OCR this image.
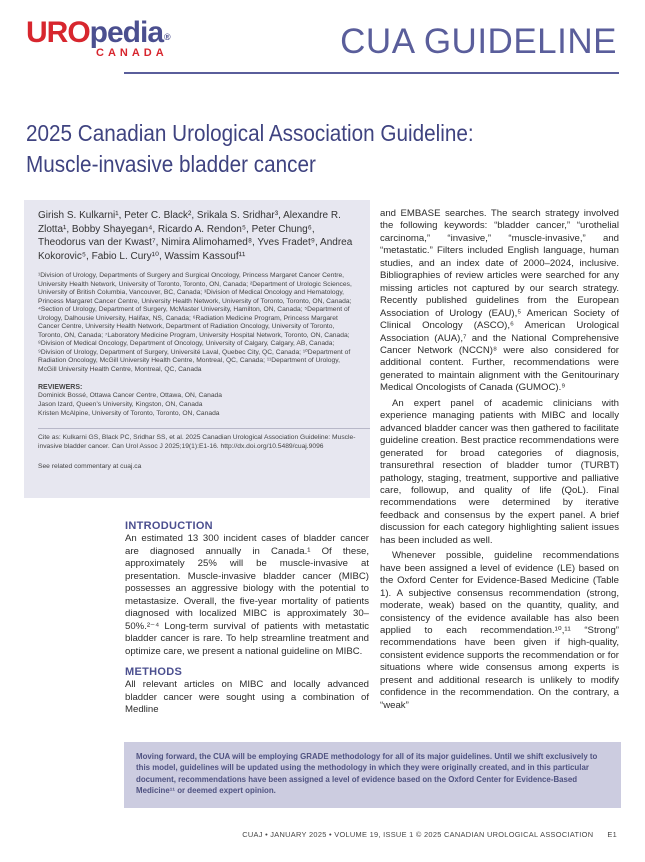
UROpedia®
CANADA	CUA GUIDELINE
2025 Canadian Urological Association Guideline:
Muscle-invasive bladder cancer
Girish S. Kulkarni¹, Peter C. Black², Srikala S. Sridhar³, Alexandre R. Zlotta¹, Bobby Shayegan⁴, Ricardo A. Rendon⁵, Peter Chung⁶, Theodorus van der Kwast⁷, Nimira Alimohamed⁸, Yves Fradet⁹, Andrea Kokorovic⁵, Fabio L. Cury¹⁰, Wassim Kassouf¹¹
¹Division of Urology, Departments of Surgery and Surgical Oncology, Princess Margaret Cancer Centre, University Health Network, University of Toronto, Toronto, ON, Canada; ²Department of Urologic Sciences, University of British Columbia, Vancouver, BC, Canada; ³Division of Medical Oncology and Hematology, Princess Margaret Cancer Centre, University Health Network, University of Toronto, Toronto, ON, Canada; ⁴Section of Urology, Department of Surgery, McMaster University, Hamilton, ON, Canada; ⁵Department of Urology, Dalhousie University, Halifax, NS, Canada; ⁶Radiation Medicine Program, Princess Margaret Cancer Centre, University Health Network, Department of Radiation Oncology, University of Toronto, Toronto, ON, Canada; ⁷Laboratory Medicine Program, University Hospital Network, Toronto, ON, Canada; ⁸Division of Medical Oncology, Department of Oncology, University of Calgary, Calgary, AB, Canada; ⁹Division of Urology, Department of Surgery, Université Laval, Quebec City, QC, Canada; ¹⁰Department of Radiation Oncology, McGill University Health Centre, Montreal, QC, Canada; ¹¹Department of Urology, McGill University Health Centre, Montreal, QC, Canada
REVIEWERS:
Dominick Bossé, Ottawa Cancer Centre, Ottawa, ON, Canada
Jason Izard, Queen’s University, Kingston, ON, Canada
Kristen McAlpine, University of Toronto, Toronto, ON, Canada
Cite as: Kulkarni GS, Black PC, Sridhar SS, et al. 2025 Canadian Urological Association Guideline: Muscle-invasive bladder cancer. Can Urol Assoc J 2025;19(1):E1-16. http://dx.doi.org/10.5489/cuaj.9096
See related commentary at cuaj.ca

and EMBASE searches. The search strategy involved the following keywords: “bladder cancer,” “urothelial carcinoma,” “invasive,” “muscle-invasive,” and “metastatic.” Filters included English language, human studies, and an index date of 2000–2024, inclusive. Bibliographies of review articles were searched for any missing articles not captured by our search strategy. Recently published guidelines from the European Association of Urology (EAU),⁵ American Society of Clinical Oncology (ASCO),⁶ American Urological Association (AUA),⁷ and the National Comprehensive Cancer Network (NCCN)⁸ were also considered for additional content. Further, recommendations were generated to maintain alignment with the Genitourinary Medical Oncologists of Canada (GUMOC).⁹

An expert panel of academic clinicians with experience managing patients with MIBC and locally advanced bladder cancer was then gathered to facilitate guideline creation. Best practice recommendations were generated for broad categories of diagnosis, transurethral resection of bladder tumor (TURBT) pathology, staging, treatment, supportive and palliative care, followup, and quality of life (QoL). Final recommendations were determined by iterative feedback and consensus by the expert panel. A brief discussion for each category highlighting salient issues has been included as well.

Whenever possible, guideline recommendations have been assigned a level of evidence (LE) based on the Oxford Center for Evidence-Based Medicine (Table 1). A subjective consensus recommendation (strong, moderate, weak) based on the quantity, quality, and consistency of the evidence available has also been applied to each recommendation.¹⁰,¹¹ “Strong” recommendations have been given if high-quality, consistent evidence supports the recommendation or for situations where wide consensus among experts is present and additional research is unlikely to modify confidence in the recommendation. On the contrary, a “weak”

INTRODUCTION

An estimated 13 300 incident cases of bladder cancer are diagnosed annually in Canada.¹ Of these, approximately 25% will be muscle-invasive at presentation. Muscle-invasive bladder cancer (MIBC) possesses an aggressive biology with the potential to metastasize. Overall, the five-year mortality of patients diagnosed with localized MIBC is approximately 30–50%.²⁻⁴ Long-term survival of patients with metastatic bladder cancer is rare. To help streamline treatment and optimize care, we present a national guideline on MIBC.

METHODS

All relevant articles on MIBC and locally advanced bladder cancer were sought using a combination of Medline

Moving forward, the CUA will be employing GRADE methodology for all of its major guidelines. Until we shift exclusively to this model, guidelines will be updated using the methodology in which they were originally created, and in this particular document, recommendations have been assigned a level of evidence based on the Oxford Center for Evidence-Based Medicine¹¹ or deemed expert opinion.
CUAJ • JANUARY 2025 • VOLUME 19, ISSUE 1 © 2025 CANADIAN UROLOGICAL ASSOCIATION E1
